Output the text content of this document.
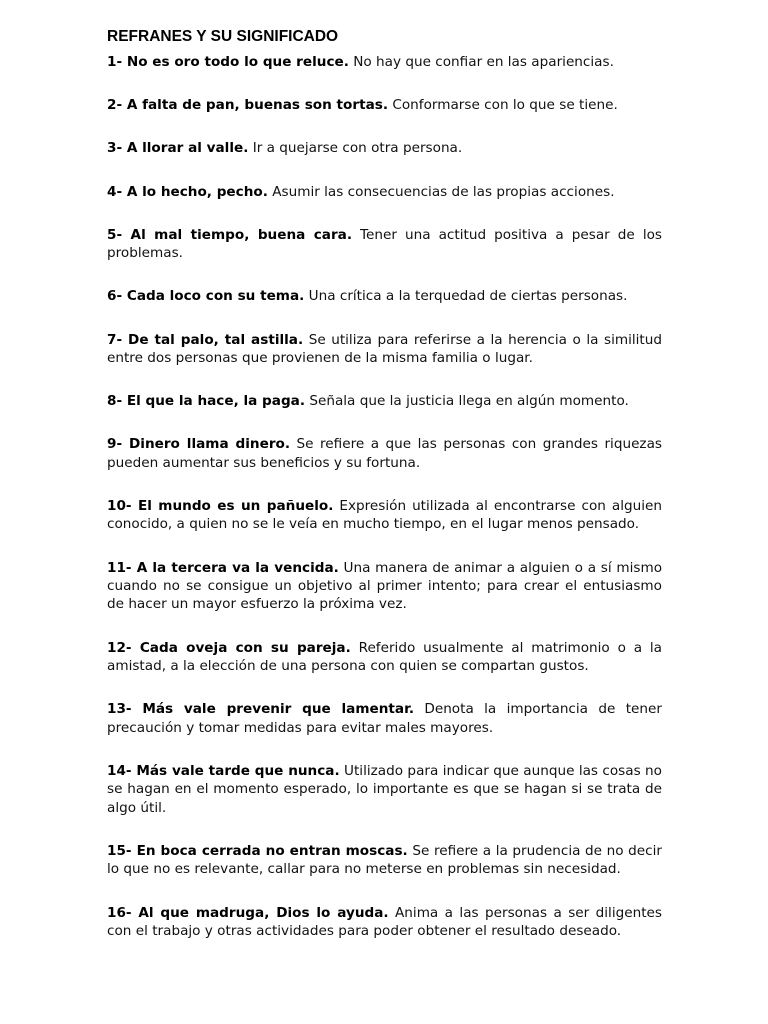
REFRANES Y SU SIGNIFICADO

1- No es oro todo lo que reluce. No hay que confiar en las apariencias.

2- A falta de pan, buenas son tortas. Conformarse con lo que se tiene.

3- A llorar al valle. Ir a quejarse con otra persona.

4- A lo hecho, pecho. Asumir las consecuencias de las propias acciones.

5- Al mal tiempo, buena cara. Tener una actitud positiva a pesar de los problemas.

6- Cada loco con su tema. Una crítica a la terquedad de ciertas personas.

7- De tal palo, tal astilla. Se utiliza para referirse a la herencia o la similitud entre dos personas que provienen de la misma familia o lugar.

8- El que la hace, la paga. Señala que la justicia llega en algún momento.

9- Dinero llama dinero. Se refiere a que las personas con grandes riquezas pueden aumentar sus beneficios y su fortuna.

10- El mundo es un pañuelo. Expresión utilizada al encontrarse con alguien conocido, a quien no se le veía en mucho tiempo, en el lugar menos pensado.

11- A la tercera va la vencida. Una manera de animar a alguien o a sí mismo cuando no se consigue un objetivo al primer intento; para crear el entusiasmo de hacer un mayor esfuerzo la próxima vez.

12- Cada oveja con su pareja. Referido usualmente al matrimonio o a la amistad, a la elección de una persona con quien se compartan gustos.

13- Más vale prevenir que lamentar. Denota la importancia de tener precaución y tomar medidas para evitar males mayores.

14- Más vale tarde que nunca. Utilizado para indicar que aunque las cosas no se hagan en el momento esperado, lo importante es que se hagan si se trata de algo útil.

15- En boca cerrada no entran moscas. Se refiere a la prudencia de no decir lo que no es relevante, callar para no meterse en problemas sin necesidad.

16- Al que madruga, Dios lo ayuda. Anima a las personas a ser diligentes con el trabajo y otras actividades para poder obtener el resultado deseado.
